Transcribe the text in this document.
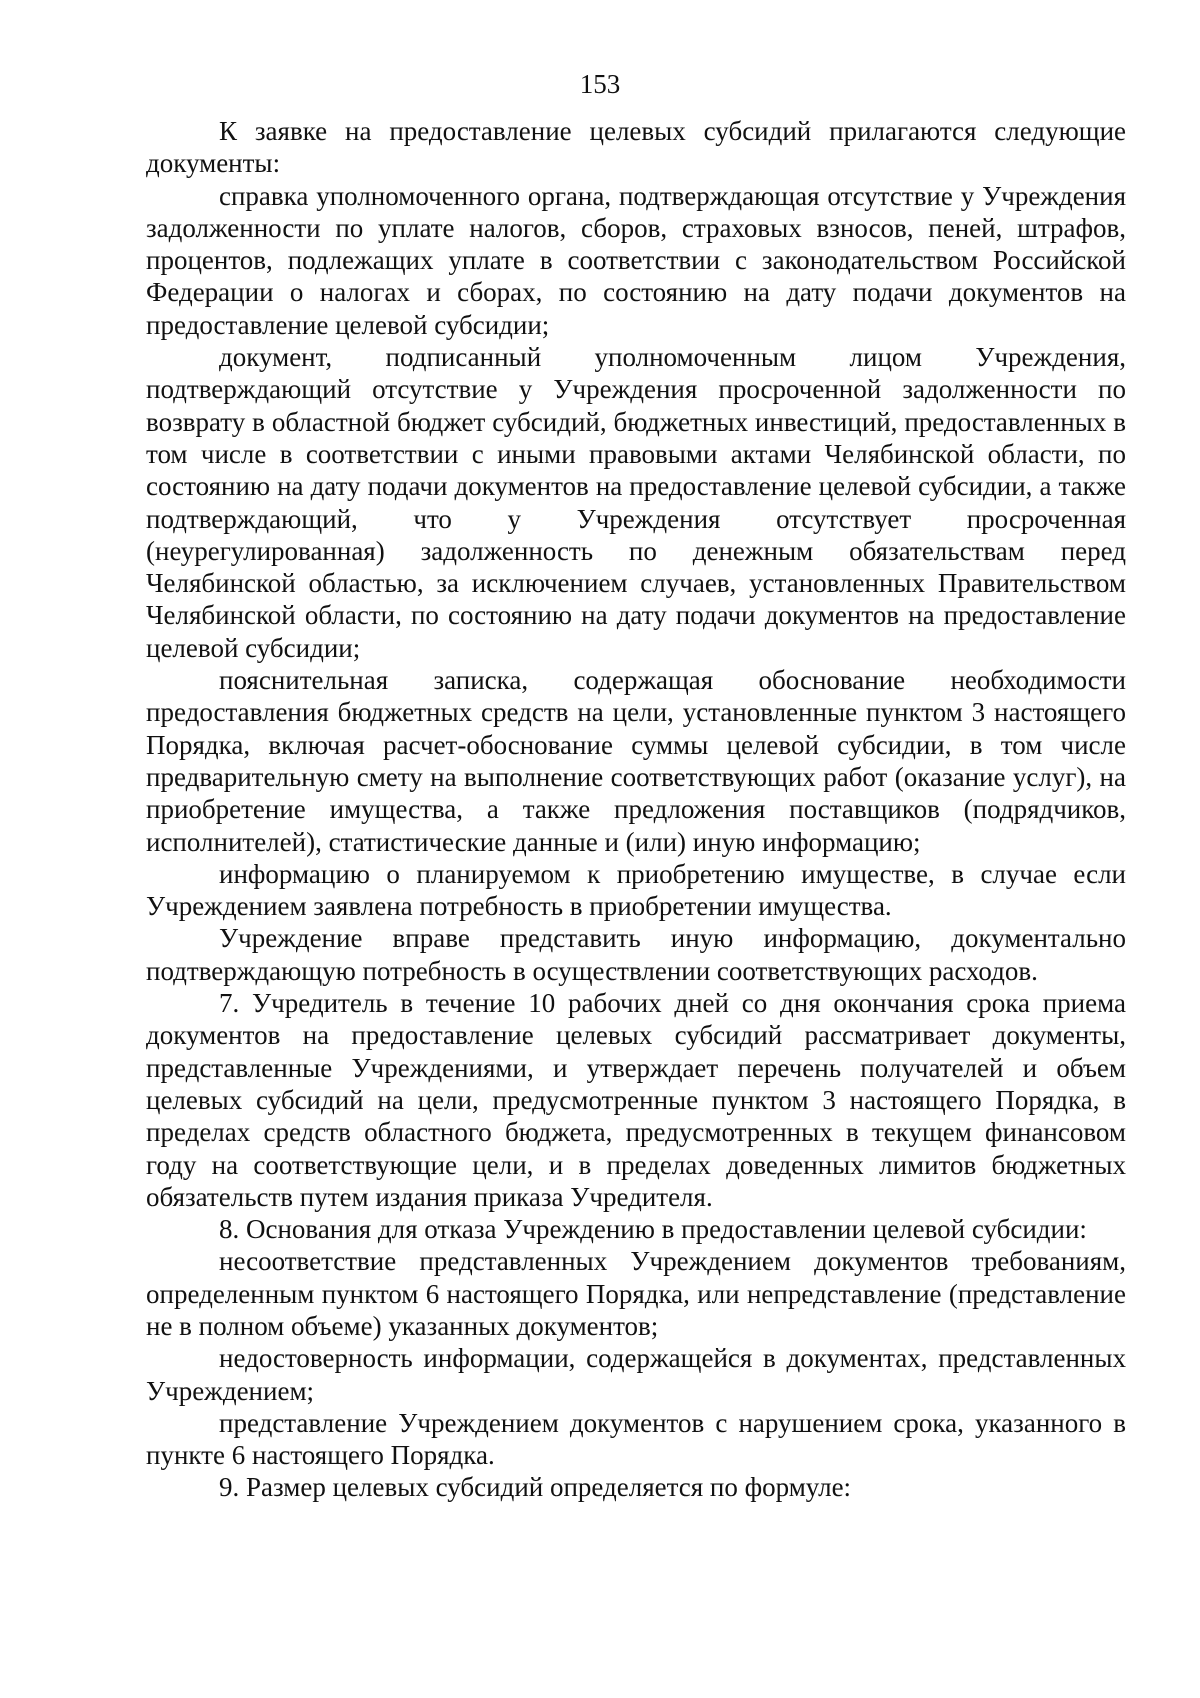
153

К заявке на предоставление целевых субсидий прилагаются следующие документы:

справка уполномоченного органа, подтверждающая отсутствие у Учреждения задолженности по уплате налогов, сборов, страховых взносов, пеней, штрафов, процентов, подлежащих уплате в соответствии с законодательством Российской Федерации о налогах и сборах, по состоянию на дату подачи документов на предоставление целевой субсидии;

документ, подписанный уполномоченным лицом Учреждения, подтверждающий отсутствие у Учреждения просроченной задолженности по возврату в областной бюджет субсидий, бюджетных инвестиций, предоставленных в том числе в соответствии с иными правовыми актами Челябинской области, по состоянию на дату подачи документов на предоставление целевой субсидии, а также подтверждающий, что у Учреждения отсутствует просроченная (неурегулированная) задолженность по денежным обязательствам перед Челябинской областью, за исключением случаев, установленных Правительством Челябинской области, по состоянию на дату подачи документов на предоставление целевой субсидии;

пояснительная записка, содержащая обоснование необходимости предоставления бюджетных средств на цели, установленные пунктом 3 настоящего Порядка, включая расчет-обоснование суммы целевой субсидии, в том числе предварительную смету на выполнение соответствующих работ (оказание услуг), на приобретение имущества, а также предложения поставщиков (подрядчиков, исполнителей), статистические данные и (или) иную информацию;

информацию о планируемом к приобретению имуществе, в случае если Учреждением заявлена потребность в приобретении имущества.

Учреждение вправе представить иную информацию, документально подтверждающую потребность в осуществлении соответствующих расходов.

7. Учредитель в течение 10 рабочих дней со дня окончания срока приема документов на предоставление целевых субсидий рассматривает документы, представленные Учреждениями, и утверждает перечень получателей и объем целевых субсидий на цели, предусмотренные пунктом 3 настоящего Порядка, в пределах средств областного бюджета, предусмотренных в текущем финансовом году на соответствующие цели, и в пределах доведенных лимитов бюджетных обязательств путем издания приказа Учредителя.

8. Основания для отказа Учреждению в предоставлении целевой субсидии:

несоответствие представленных Учреждением документов требованиям, определенным пунктом 6 настоящего Порядка, или непредставление (представление не в полном объеме) указанных документов;

недостоверность информации, содержащейся в документах, представленных Учреждением;

представление Учреждением документов с нарушением срока, указанного в пункте 6 настоящего Порядка.

9. Размер целевых субсидий определяется по формуле:
